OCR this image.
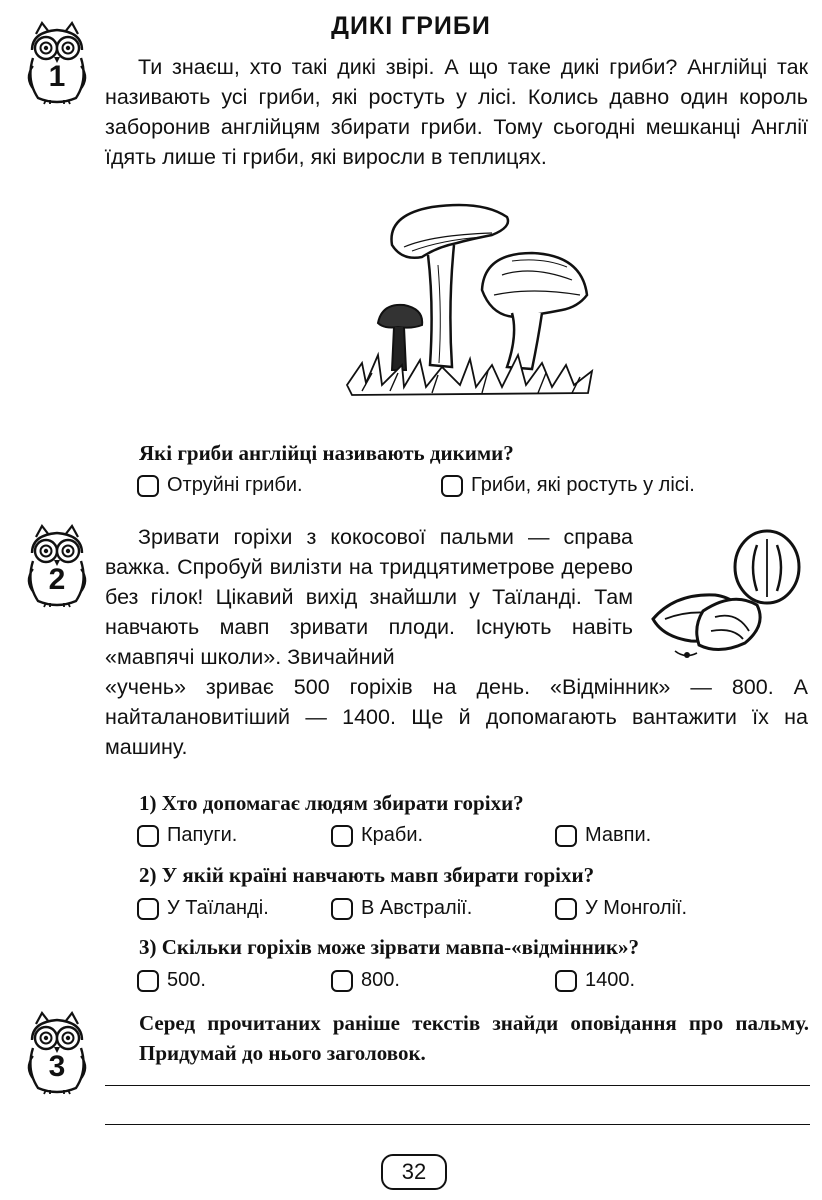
ДИКІ ГРИБИ
1	Ти знаєш, хто такі дикі звірі. А що таке дикі гриби? Англійці так називають усі гриби, які ростуть у лісі. Колись давно один король заборонив англійцям збирати гриби. Тому сьогодні мешканці Англії їдять лише ті гриби, які виросли в теплицях.

Які гриби англійці називають дикими?
Отруйні гриби.	Гриби, які ростуть у лісі.
2

Зривати горіхи з кокосової пальми — справа важка. Спробуй вилізти на тридцятиметрове дерево без гілок! Цікавий вихід знайшли у Таїланді. Там навчають мавп зривати плоди. Існують навіть «мавпячі школи». Звичайний

«учень» зриває 500 горіхів на день. «Відмінник» — 800. А найталановитіший — 1400. Ще й допомагають вантажити їх на машину.

1) Хто допомагає людям збирати горіхи?
Папуги.	Краби.	Мавпи.
2) У якій країні навчають мавп збирати горіхи?
У Таїланді.	В Австралії.	У Монголії.
3) Скільки горіхів може зірвати мавпа-«відмінник»?
500.	800.	1400.
3
Серед прочитаних раніше текстів знайди оповідання про пальму. Придумай до нього заголовок.
32
